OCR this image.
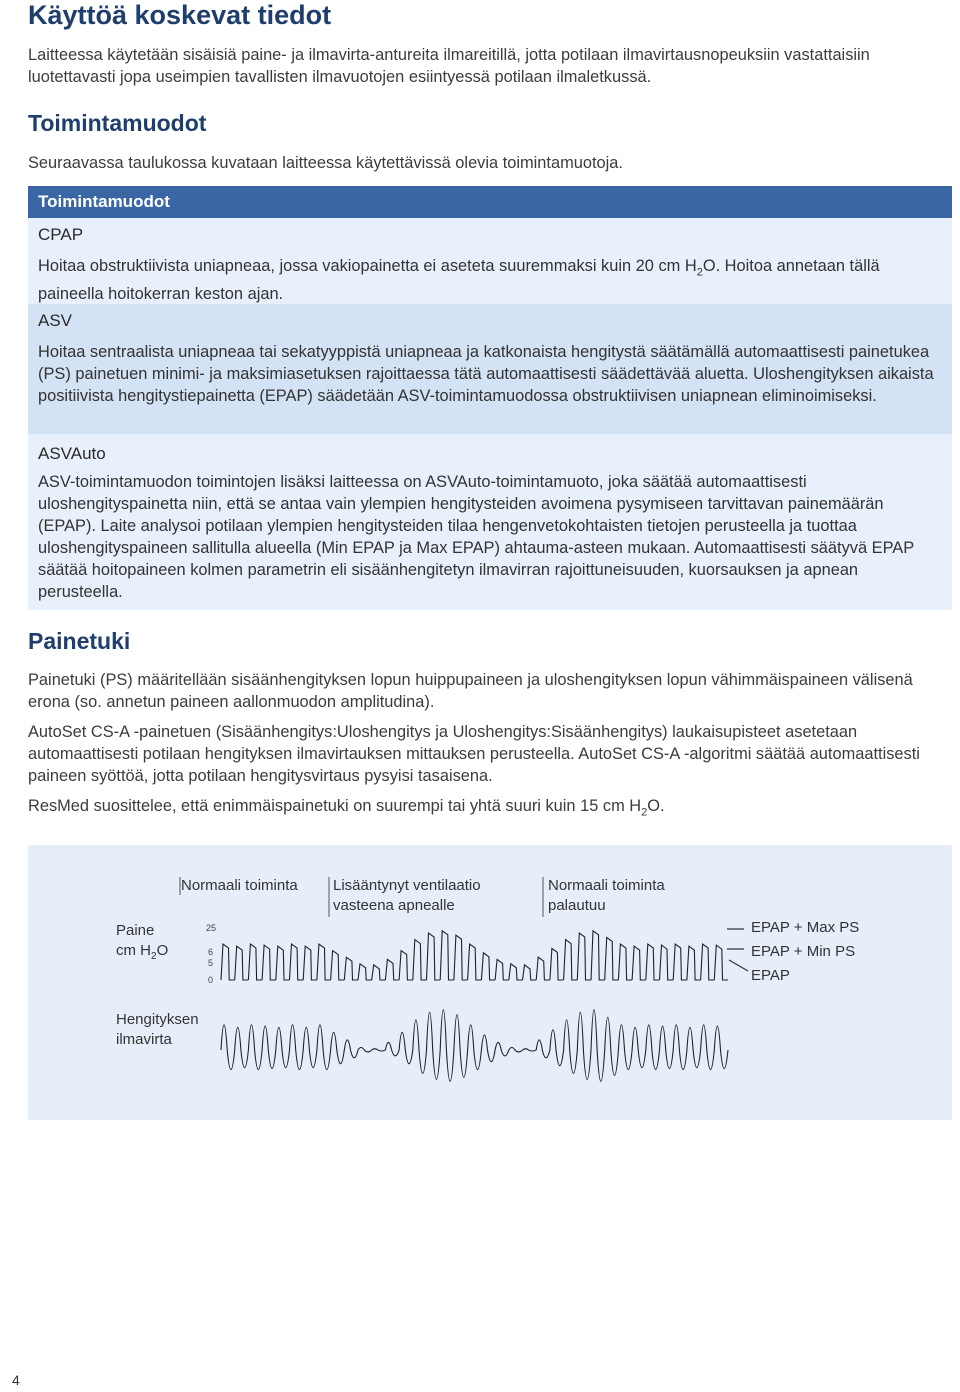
Käyttöä koskevat tiedot

Laitteessa käytetään sisäisiä paine- ja ilmavirta-antureita ilmareitillä, jotta potilaan ilmavirtausnopeuksiin vastattaisiin luotettavasti jopa useimpien tavallisten ilmavuotojen esiintyessä potilaan ilmaletkussä.

Toimintamuodot

Seuraavassa taulukossa kuvataan laitteessa käytettävissä olevia toimintamuotoja.

Toimintamuodot
CPAP
Hoitaa obstruktiivista uniapneaa, jossa vakiopainetta ei aseteta suuremmaksi kuin 20 cm $H_2O$. Hoitoa annetaan tällä paineella hoitokerran keston ajan.
ASV
Hoitaa sentraalista uniapneaa tai sekatyyppistä uniapneaa ja katkonaista hengitystä säätämällä automaattisesti painetukea (PS) painetuen minimi- ja maksimiasetuksen rajoittaessa tätä automaattisesti säädettävää aluetta. Uloshengityksen aikaista positiivista hengitystiepainetta (EPAP) säädetään ASV-toimintamuodossa obstruktiivisen uniapnean eliminoimiseksi.
ASVAuto
ASV-toimintamuodon toimintojen lisäksi laitteessa on ASVAuto-toimintamuoto, joka säätää automaattisesti uloshengityspainetta niin, että se antaa vain ylempien hengitysteiden avoimena pysymiseen tarvittavan painemäärän (EPAP). Laite analysoi potilaan ylempien hengitysteiden tilaa hengenvetokohtaisten tietojen perusteella ja tuottaa uloshengityspaineen sallitulla alueella (Min EPAP ja Max EPAP) ahtauma-asteen mukaan. Automaattisesti säätyvä EPAP säätää hoitopaineen kolmen parametrin eli sisäänhengitetyn ilmavirran rajoittuneisuuden, kuorsauksen ja apnean perusteella.
Painetuki

Painetuki (PS) määritellään sisäänhengityksen lopun huippupaineen ja uloshengityksen lopun vähimmäispaineen välisenä erona (so. annetun paineen aallonmuodon amplitudina).

AutoSet CS-A -painetuen (Sisäänhengitys:Uloshengitys ja Uloshengitys:Sisäänhengitys) laukaisupisteet asetetaan automaattisesti potilaan hengityksen ilmavirtauksen mittauksen perusteella. AutoSet CS-A -algoritmi säätää automaattisesti paineen syöttöä, jotta potilaan hengitysvirtaus pysyisi tasaisena.

ResMed suosittelee, että enimmäispainetuki on suurempi tai yhtä suuri kuin 15 cm $H_2O$.

Normaali toiminta Lisääntynyt ventilaatio vasteena apnealle
Normaali toiminta palautuu
Paine
cm $H_2O$
Hengityksen ilmavirta
EPAP + Max PS
EPAP + Min PS
EPAP
25
6
5
0
4
